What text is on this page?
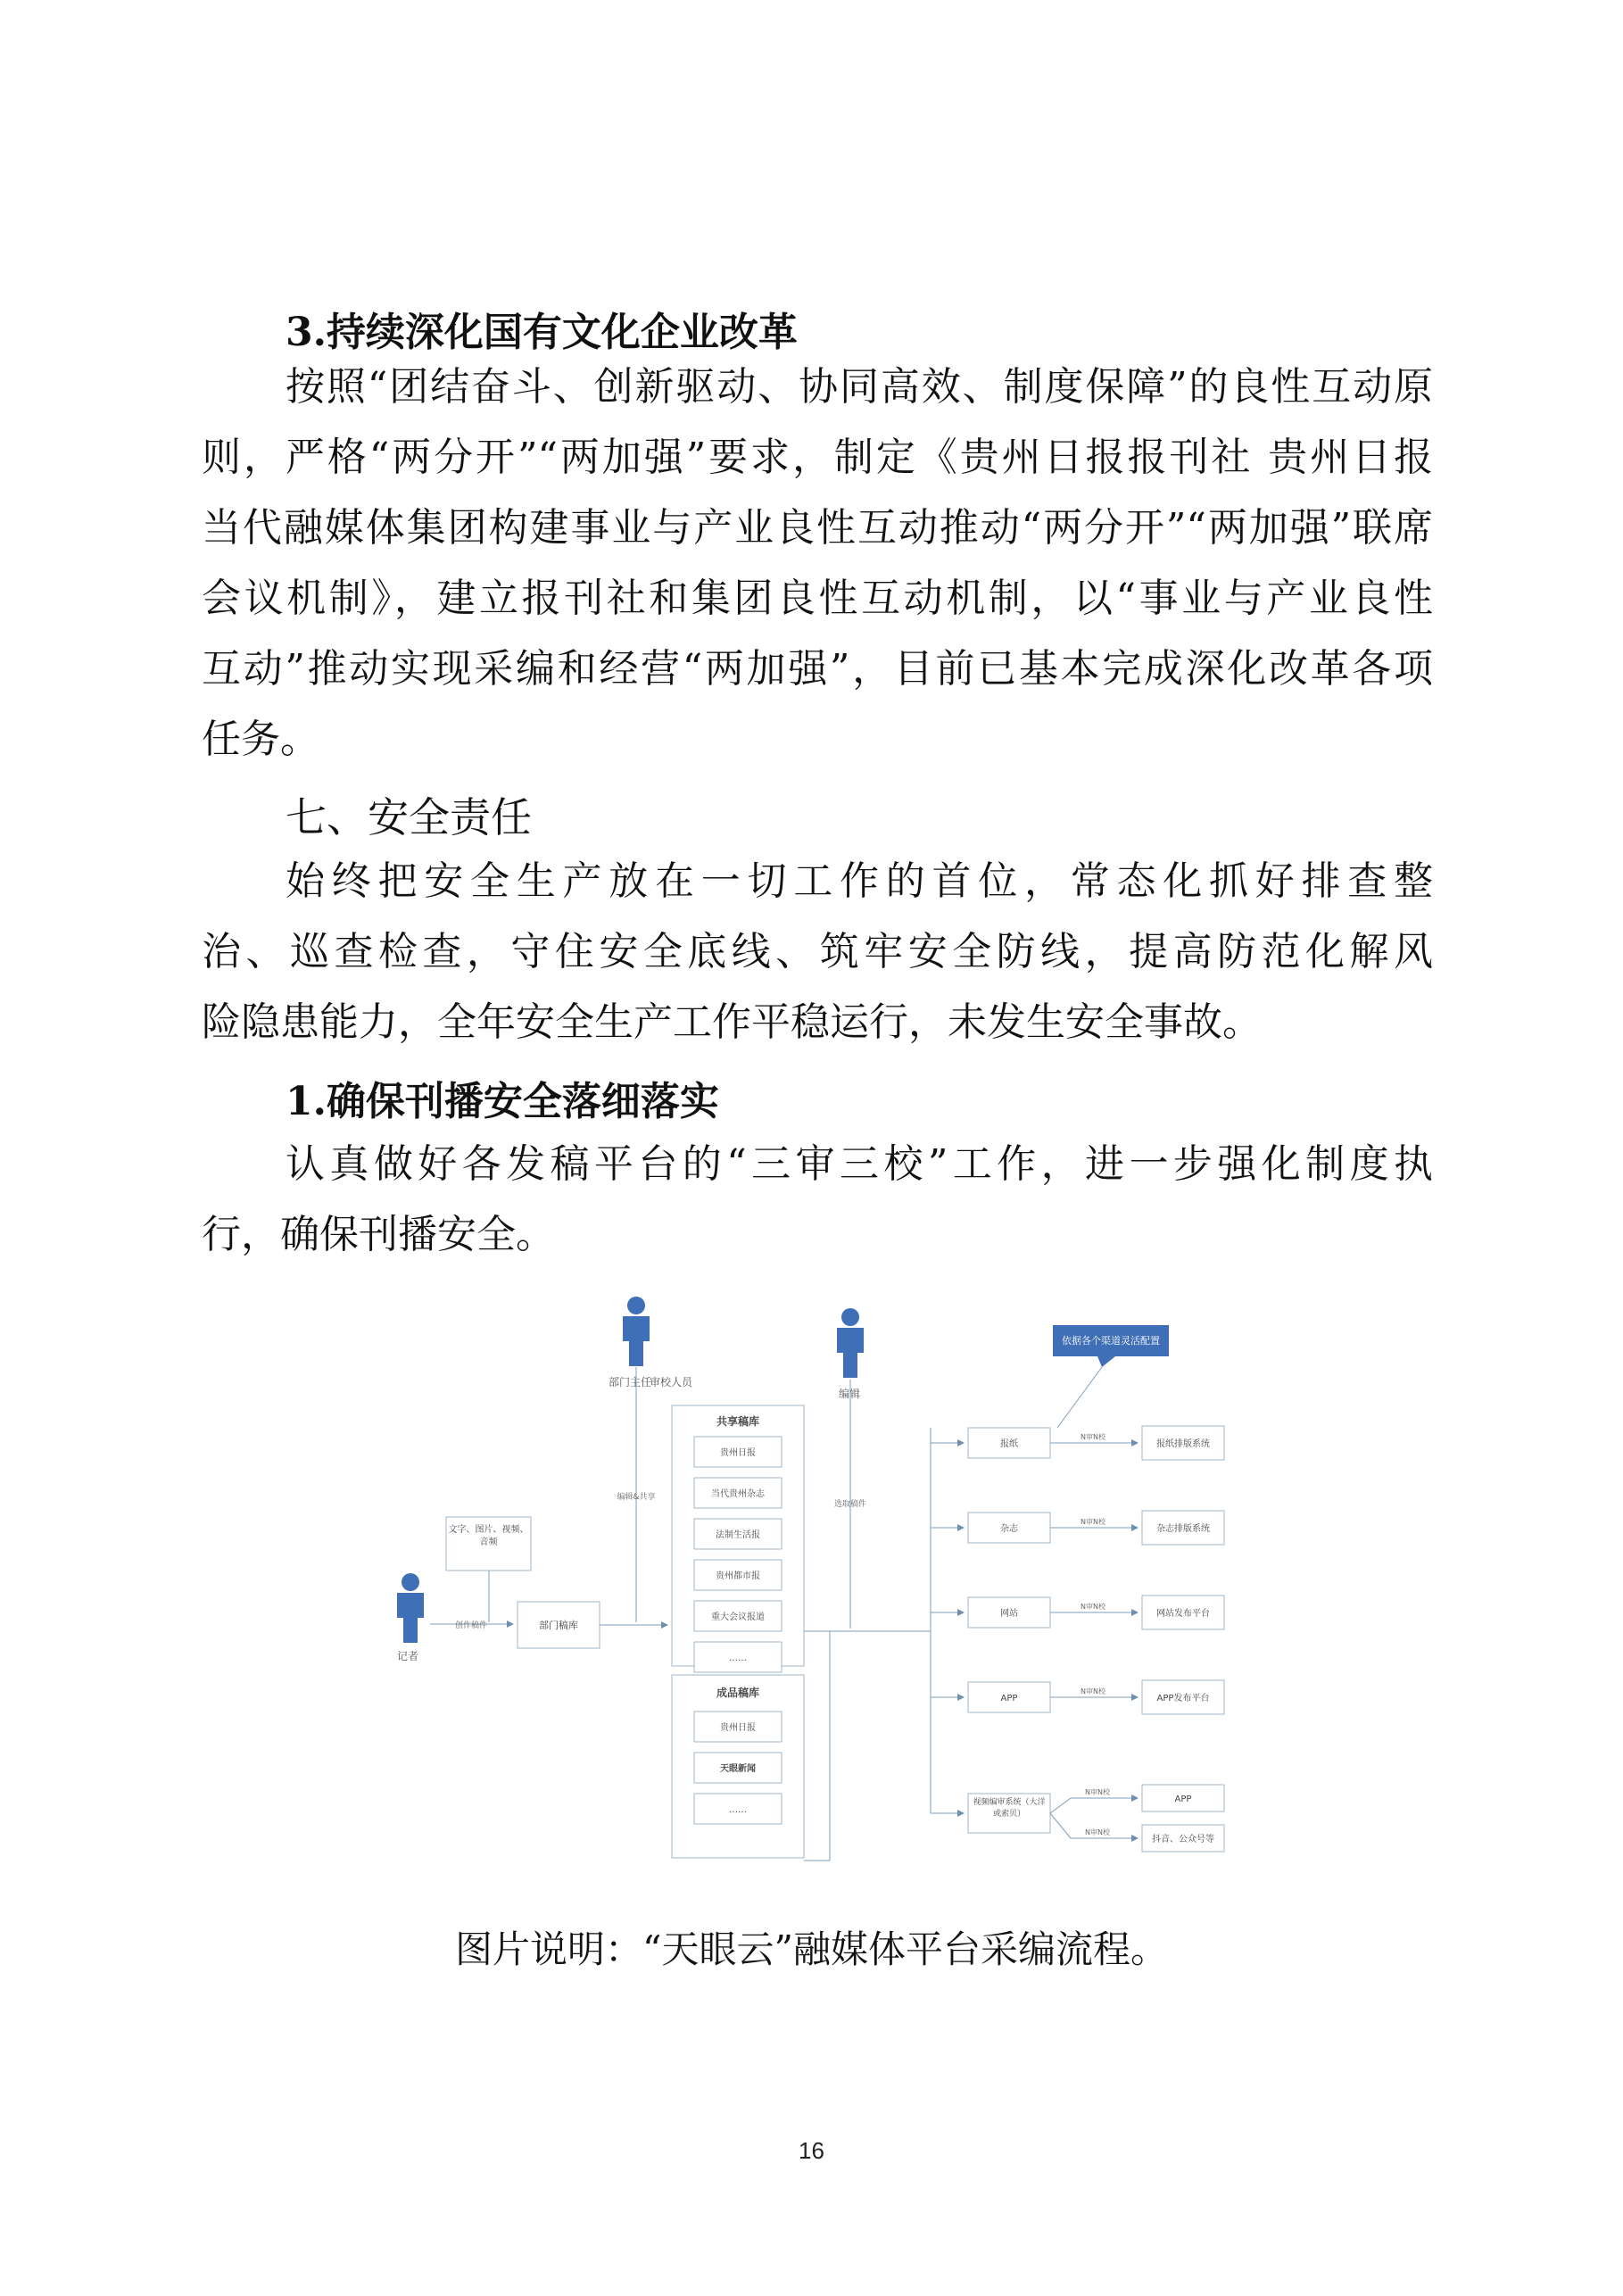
3.持续深化国有文化企业改革
按照“团结奋斗、创新驱动、协同高效、制度保障”的良性互动原
则，严格“两分开”“两加强”要求，制定《贵州日报报刊社 贵州日报
当代融媒体集团构建事业与产业良性互动推动“两分开”“两加强”联席
会议机制》，建立报刊社和集团良性互动机制，以“事业与产业良性
互动”推动实现采编和经营“两加强”，目前已基本完成深化改革各项
任务。
七、安全责任
始终把安全生产放在一切工作的首位，常态化抓好排查整
治、巡查检查，守住安全底线、筑牢安全防线，提高防范化解风
险隐患能力，全年安全生产工作平稳运行，未发生安全事故。
1.确保刊播安全落细落实
认真做好各发稿平台的“三审三校”工作，进一步强化制度执
行，确保刊播安全。
部门主任
审校人员
编辑
记者
依据各个渠道灵活配置
文字、图片、视频、音频
创作稿件	部门稿库
编辑&共享
共享稿库
贵州日报
当代贵州杂志
法制生活报
贵州都市报
重大会议报道
……
成品稿库
贵州日报
天眼新闻
……
选取稿件
报纸
N审N校
报纸排版系统
杂志
N审N校
杂志排版系统
网站
N审N校
网站发布平台
APP
N审N校
APP发布平台
视频编审系统（大洋或索贝）
N审N校
APP
N审N校
抖音、公众号等
图片说明：“天眼云”融媒体平台采编流程。
16
